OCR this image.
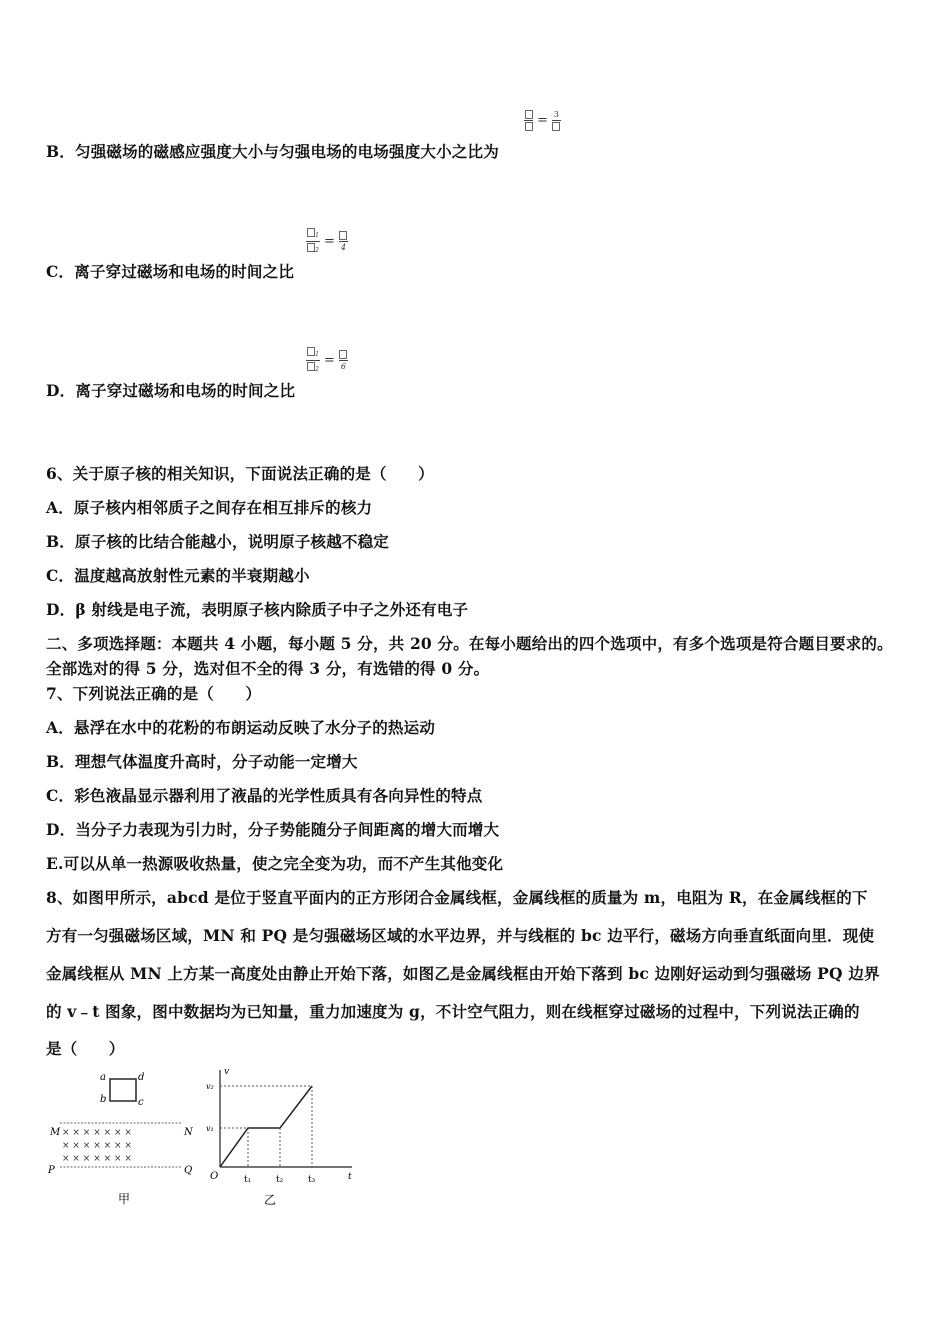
= 3
B．匀强磁场的磁感应强度大小与匀强电场的电场强度大小之比为
1
2
= 4
C．离子穿过磁场和电场的时间之比
1
2
= 6
D．离子穿过磁场和电场的时间之比
6、关于原子核的相关知识，下面说法正确的是（　　）
A．原子核内相邻质子之间存在相互排斥的核力
B．原子核的比结合能越小，说明原子核越不稳定
C．温度越高放射性元素的半衰期越小
D．β 射线是电子流，表明原子核内除质子中子之外还有电子
二、多项选择题：本题共 4 小题，每小题 5 分，共 20 分。在每小题给出的四个选项中，有多个选项是符合题目要求的。
全部选对的得 5 分，选对但不全的得 3 分，有选错的得 0 分。
7、下列说法正确的是（　　）
A．悬浮在水中的花粉的布朗运动反映了水分子的热运动
B．理想气体温度升高时，分子动能一定增大
C．彩色液晶显示器利用了液晶的光学性质具有各向异性的特点
D．当分子力表现为引力时，分子势能随分子间距离的增大而增大
E.可以从单一热源吸收热量，使之完全变为功，而不产生其他变化
8、如图甲所示，abcd 是位于竖直平面内的正方形闭合金属线框，金属线框的质量为 m，电阻为 R，在金属线框的下
方有一匀强磁场区域，MN 和 PQ 是匀强磁场区域的水平边界，并与线框的 bc 边平行，磁场方向垂直纸面向里．现使
金属线框从 MN 上方某一高度处由静止开始下落，如图乙是金属线框由开始下落到 bc 边刚好运动到匀强磁场 PQ 边界
的 v﹣t 图象，图中数据均为已知量，重力加速度为 g，不计空气阻力，则在线框穿过磁场的过程中，下列说法正确的
是（　　）
a	d
b	c
M	N
P	Q
× × × × × × ×
× × × × × × ×
× × × × × × ×
甲
v
t
O
v₁
v₂
t₁	t₂	t₃
乙
